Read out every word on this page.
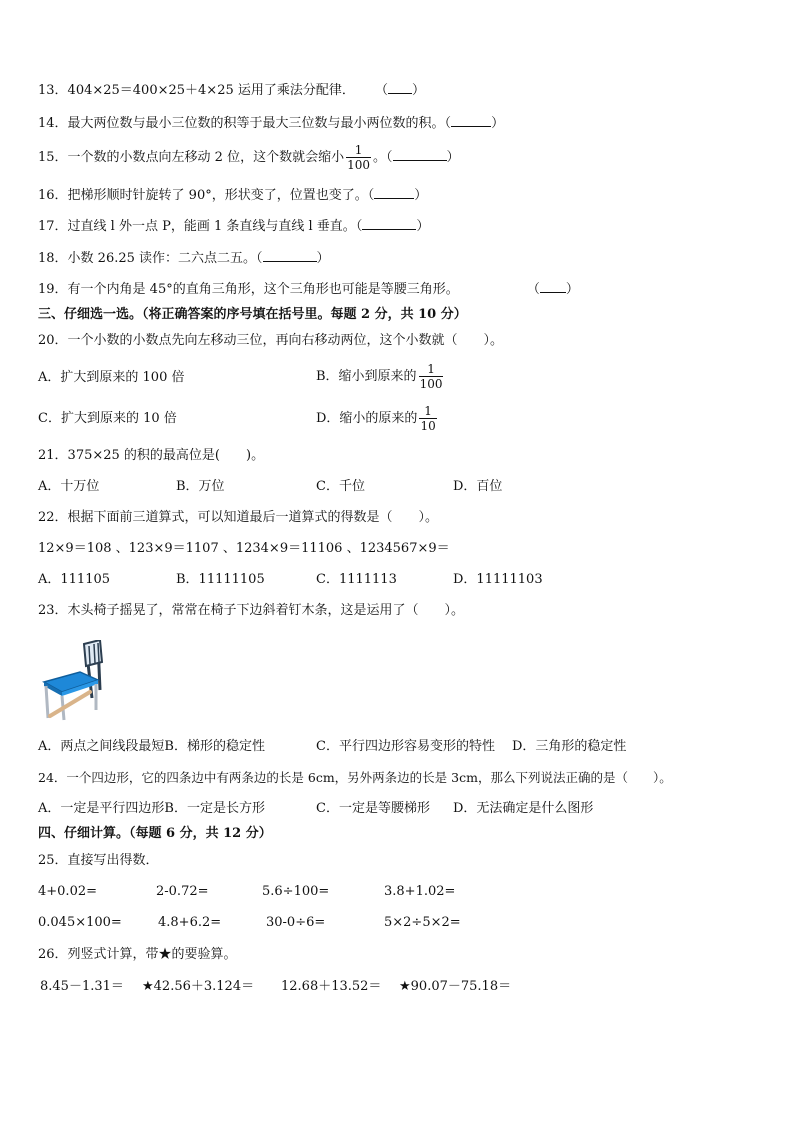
13．404×25＝400×25＋4×25 运用了乘法分配律． （ ）
14．最大两位数与最小三位数的积等于最大三位数与最小两位数的积。（	）
15．一个数的小数点向左移动 2 位，这个数就会缩小 $\frac{1}{100}$ 。（	）
16．把梯形顺时针旋转了 90°，形状变了，位置也变了。（	）
17．过直线 l 外一点 P，能画 1 条直线与直线 l 垂直。（	）
18．小数 26.25 读作：二六点二五。（	）
19．有一个内角是 45°的直角三角形，这个三角形也可能是等腰三角形。	（ ）
三、仔细选一选。（将正确答案的序号填在括号里。每题 2 分，共 10 分）
20．一个小数的小数点先向左移动三位，再向右移动两位，这个小数就（　　）。
A．扩大到原来的 100 倍	B．缩小到原来的 $\frac{1}{100}$
C．扩大到原来的 10 倍	D．缩小的原来的 $\frac{1}{10}$
21．375×25 的积的最高位是(　　)。
A．十万位	B．万位	C．千位	D．百位
22．根据下面前三道算式，可以知道最后一道算式的得数是（　　）。
12×9＝108 、123×9＝1107 、1234×9＝11106 、1234567×9＝
A．111105	B．11111105	C．1111113	D．11111103
23．木头椅子摇晃了，常常在椅子下边斜着钉木条，这是运用了（　　）。
A．两点之间线段最短B．梯形的稳定性	C．平行四边形容易变形的特性 D．三角形的稳定性
24．一个四边形，它的四条边中有两条边的长是 6cm，另外两条边的长是 3cm，那么下列说法正确的是（　　）。
A．一定是平行四边形B．一定是长方形	C．一定是等腰梯形 D．无法确定是什么图形
四、仔细计算。（每题 6 分，共 12 分）
25．直接写出得数．
4+0.02=	2-0.72=	5.6÷100=	3.8+1.02=
0.045×100=	4.8+6.2=	30-0÷6=	5×2÷5×2=
26．列竖式计算，带★的要验算。
8.45－1.31＝ ★42.56＋3.124＝ 12.68＋13.52＝ ★90.07－75.18＝
